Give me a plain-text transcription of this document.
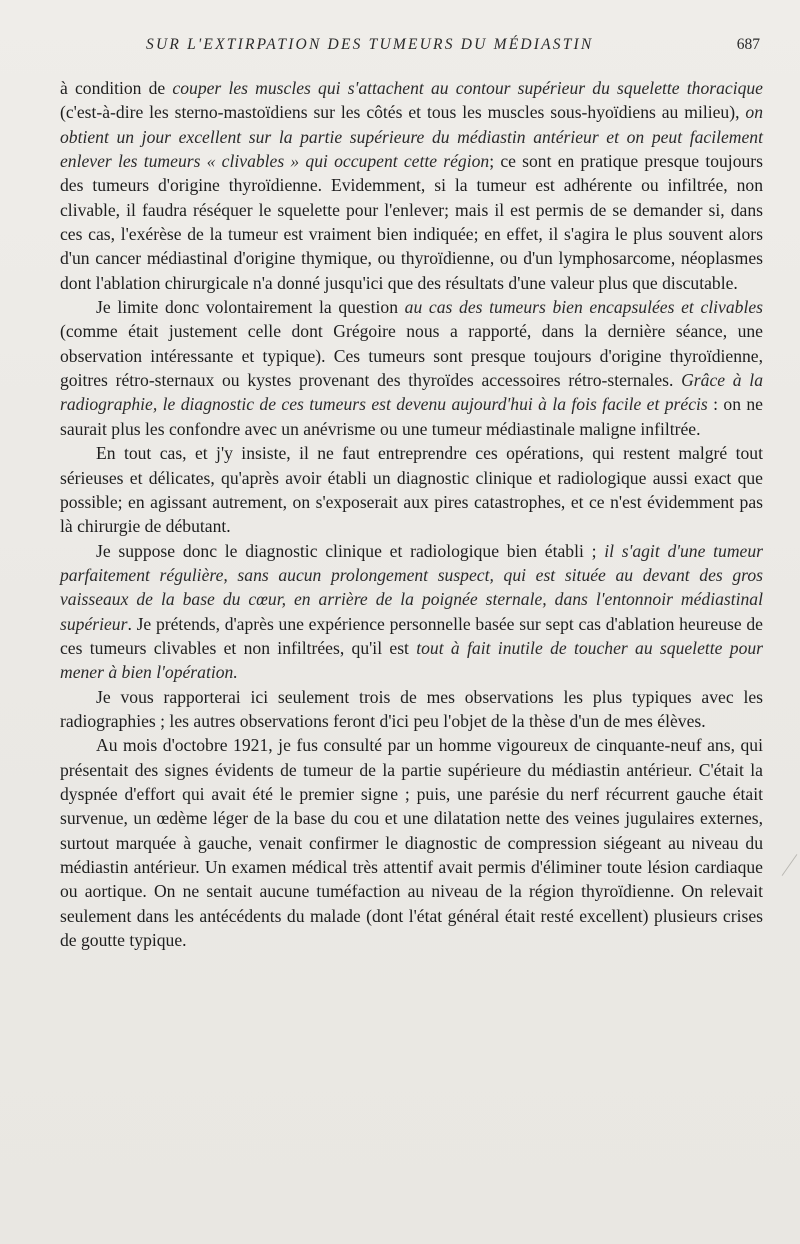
SUR L'EXTIRPATION DES TUMEURS DU MÉDIASTIN	687

à condition de couper les muscles qui s'attachent au contour supérieur du squelette thoracique (c'est-à-dire les sterno-mastoïdiens sur les côtés et tous les muscles sous-hyoïdiens au milieu), on obtient un jour excellent sur la partie supérieure du médiastin antérieur et on peut facilement enlever les tumeurs « clivables » qui occupent cette région; ce sont en pratique presque toujours des tumeurs d'origine thyroïdienne. Evidemment, si la tumeur est adhérente ou infiltrée, non clivable, il faudra réséquer le squelette pour l'enlever; mais il est permis de se demander si, dans ces cas, l'exérèse de la tumeur est vraiment bien indiquée; en effet, il s'agira le plus souvent alors d'un cancer médiastinal d'origine thymique, ou thyroïdienne, ou d'un lymphosarcome, néoplasmes dont l'ablation chirurgicale n'a donné jusqu'ici que des résultats d'une valeur plus que discutable.

Je limite donc volontairement la question au cas des tumeurs bien encapsulées et clivables (comme était justement celle dont Grégoire nous a rapporté, dans la dernière séance, une observation intéressante et typique). Ces tumeurs sont presque toujours d'origine thyroïdienne, goitres rétro-sternaux ou kystes provenant des thyroïdes accessoires rétro-sternales. Grâce à la radiographie, le diagnostic de ces tumeurs est devenu aujourd'hui à la fois facile et précis : on ne saurait plus les confondre avec un anévrisme ou une tumeur médiastinale maligne infiltrée.

En tout cas, et j'y insiste, il ne faut entreprendre ces opérations, qui restent malgré tout sérieuses et délicates, qu'après avoir établi un diagnostic clinique et radiologique aussi exact que possible; en agissant autrement, on s'exposerait aux pires catastrophes, et ce n'est évidemment pas là chirurgie de débutant.

Je suppose donc le diagnostic clinique et radiologique bien établi ; il s'agit d'une tumeur parfaitement régulière, sans aucun prolongement suspect, qui est située au devant des gros vaisseaux de la base du cœur, en arrière de la poignée sternale, dans l'entonnoir médiastinal supérieur. Je prétends, d'après une expérience personnelle basée sur sept cas d'ablation heureuse de ces tumeurs clivables et non infiltrées, qu'il est tout à fait inutile de toucher au squelette pour mener à bien l'opération.

Je vous rapporterai ici seulement trois de mes observations les plus typiques avec les radiographies ; les autres observations feront d'ici peu l'objet de la thèse d'un de mes élèves.

Au mois d'octobre 1921, je fus consulté par un homme vigoureux de cinquante-neuf ans, qui présentait des signes évidents de tumeur de la partie supérieure du médiastin antérieur. C'était la dyspnée d'effort qui avait été le premier signe ; puis, une parésie du nerf récurrent gauche était survenue, un œdème léger de la base du cou et une dilatation nette des veines jugulaires externes, surtout marquée à gauche, venait confirmer le diagnostic de compression siégeant au niveau du médiastin antérieur. Un examen médical très attentif avait permis d'éliminer toute lésion cardiaque ou aortique. On ne sentait aucune tuméfaction au niveau de la région thyroïdienne. On relevait seulement dans les antécédents du malade (dont l'état général était resté excellent) plusieurs crises de goutte typique.
